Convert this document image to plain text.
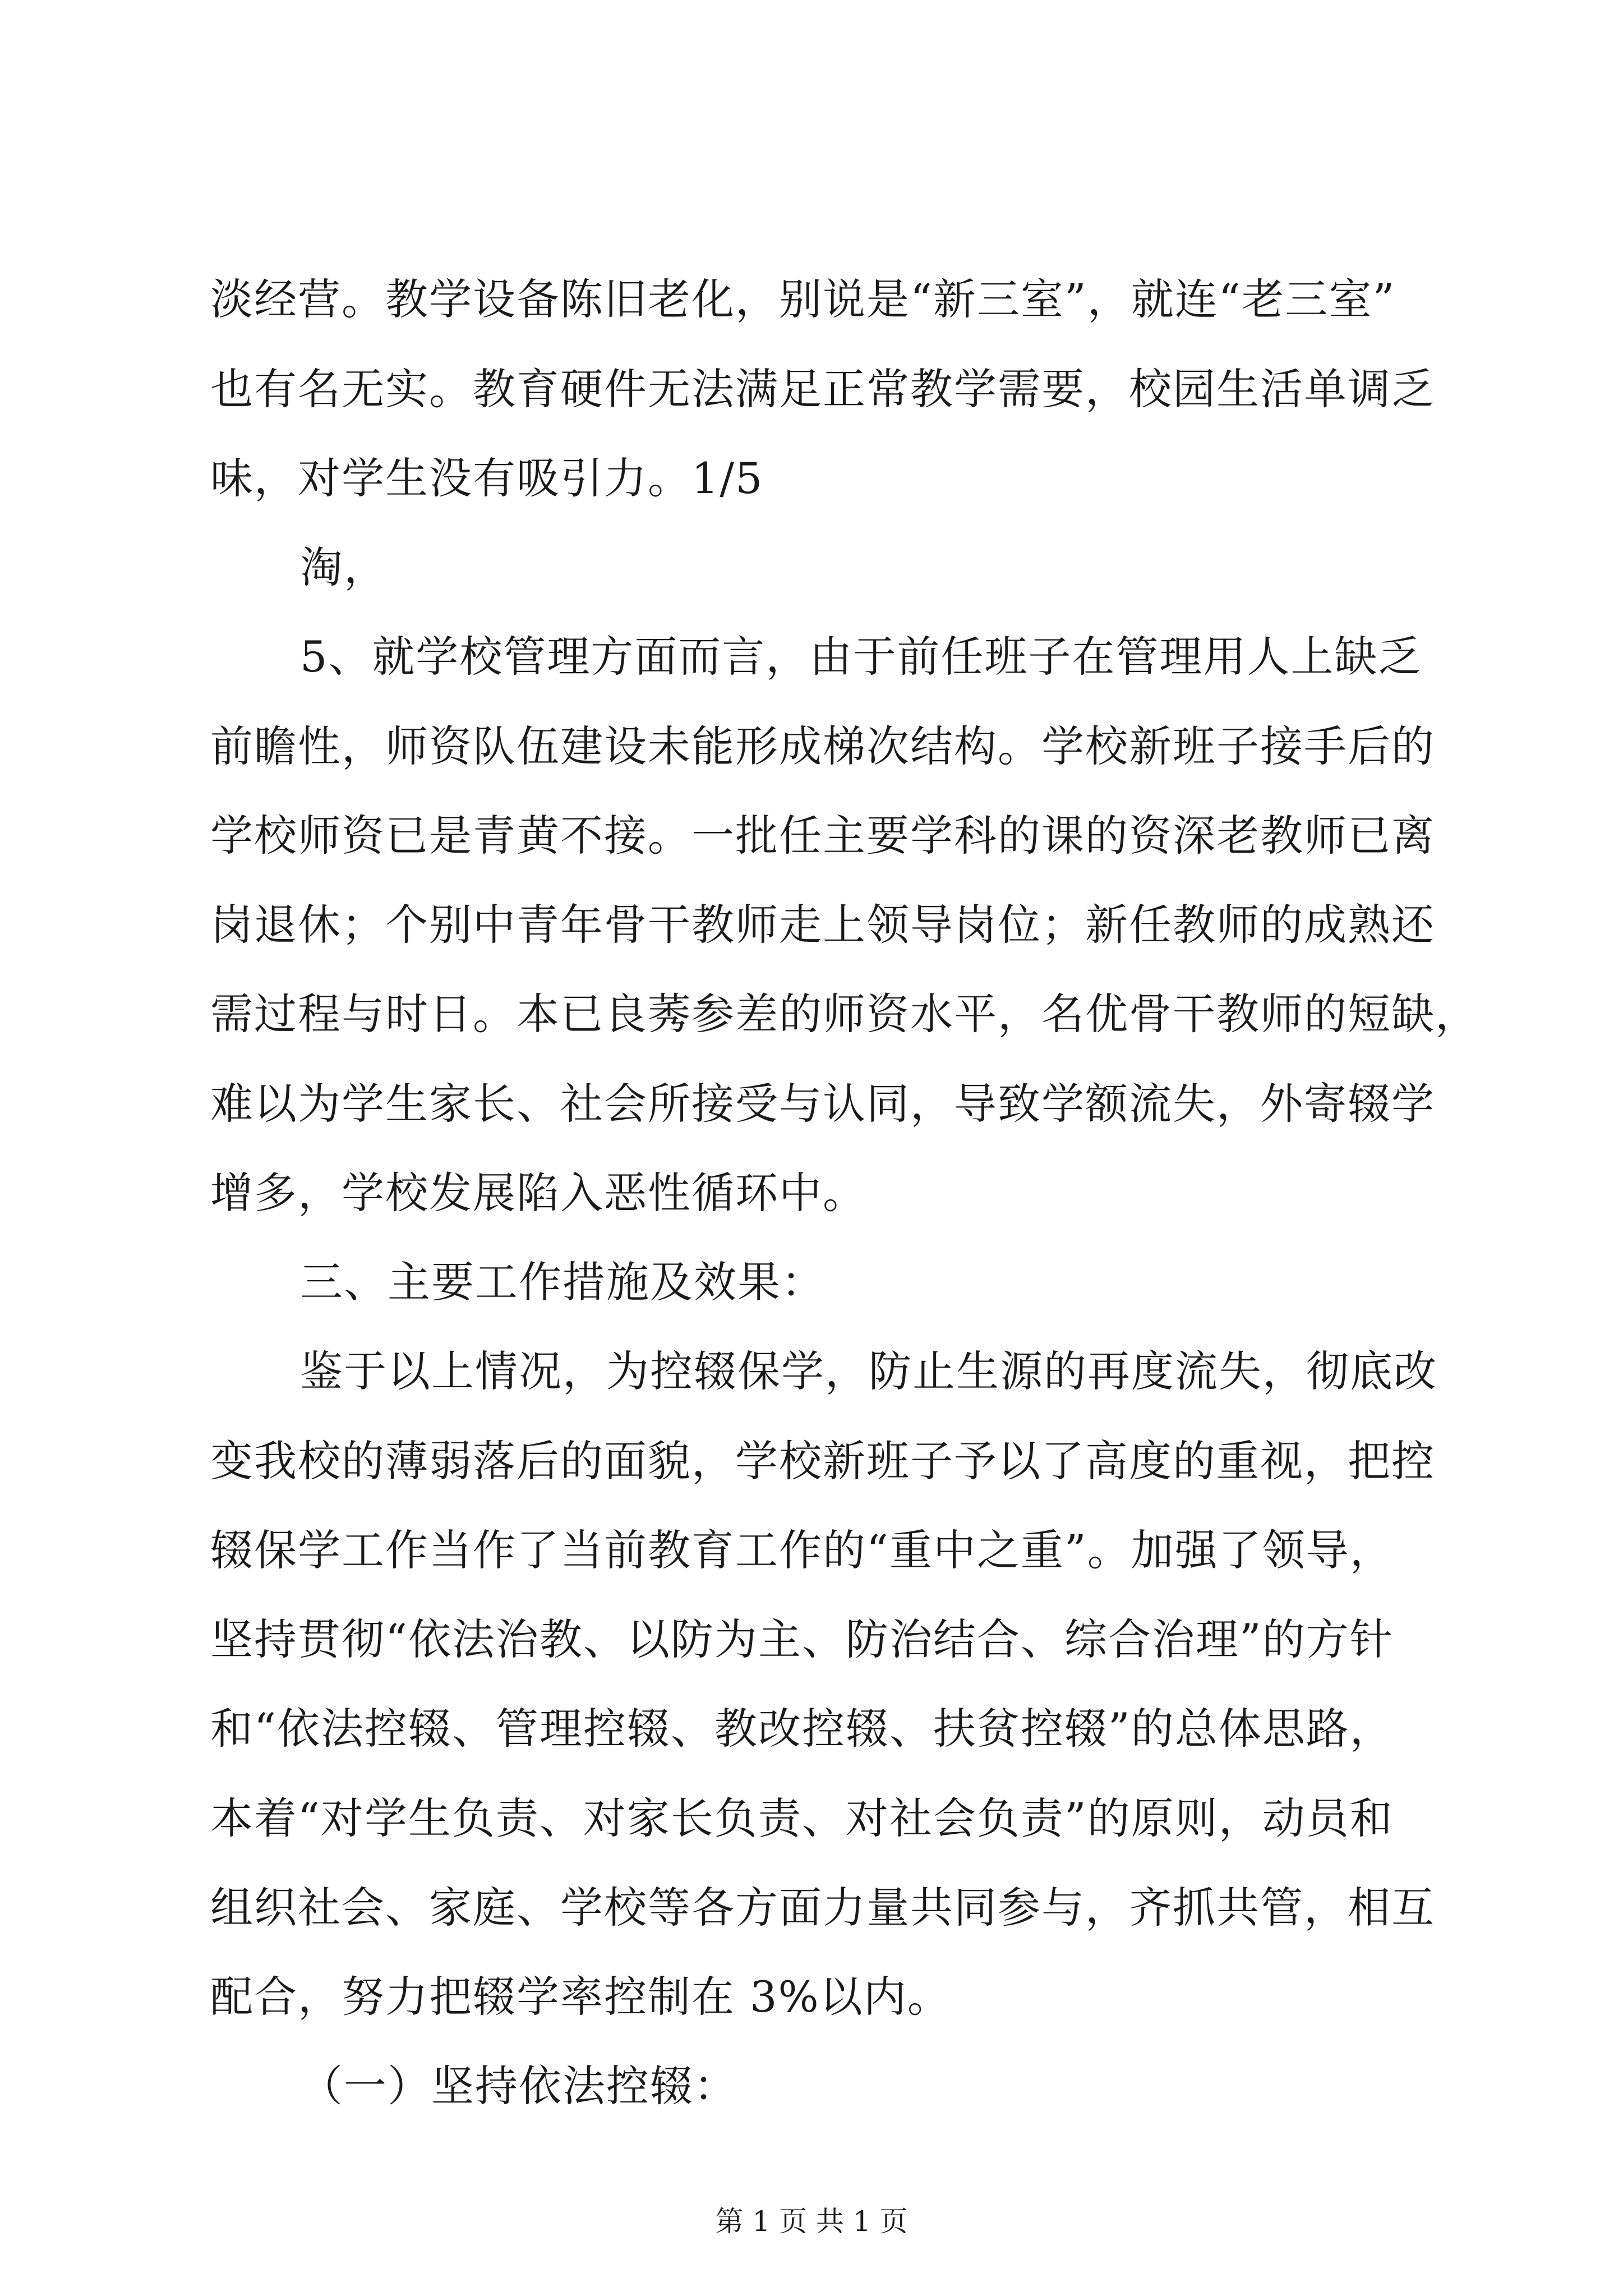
淡经营。教学设备陈旧老化，别说是“新三室”，就连“老三室”
也有名无实。教育硬件无法满足正常教学需要，校园生活单调乏
味，对学生没有吸引力。1/5
淘，
5、就学校管理方面而言，由于前任班子在管理用人上缺乏
前瞻性，师资队伍建设未能形成梯次结构。学校新班子接手后的
学校师资已是青黄不接。一批任主要学科的课的资深老教师已离
岗退休；个别中青年骨干教师走上领导岗位；新任教师的成熟还
需过程与时日。本已良莠参差的师资水平，名优骨干教师的短缺，
难以为学生家长、社会所接受与认同，导致学额流失，外寄辍学
增多，学校发展陷入恶性循环中。
三、主要工作措施及效果：
鉴于以上情况，为控辍保学，防止生源的再度流失，彻底改
变我校的薄弱落后的面貌，学校新班子予以了高度的重视，把控
辍保学工作当作了当前教育工作的“重中之重”。加强了领导，
坚持贯彻“依法治教、以防为主、防治结合、综合治理”的方针
和“依法控辍、管理控辍、教改控辍、扶贫控辍”的总体思路，
本着“对学生负责、对家长负责、对社会负责”的原则，动员和
组织社会、家庭、学校等各方面力量共同参与，齐抓共管，相互
配合，努力把辍学率控制在 3%以内。
（一）坚持依法控辍：
第 1 页 共 1 页
